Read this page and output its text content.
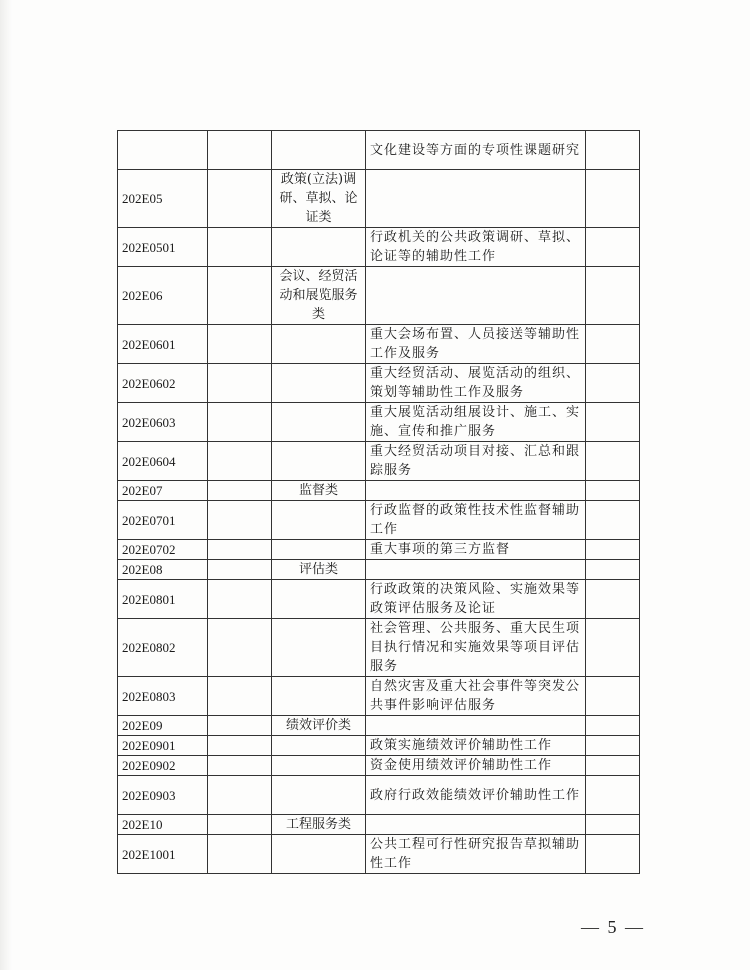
			文化建设等方面的专项性课题研究	
202E05		政策(立法)调研、草拟、论证类		
202E0501			行政机关的公共政策调研、草拟、论证等的辅助性工作	
202E06		会议、经贸活动和展览服务类		
202E0601			重大会场布置、人员接送等辅助性工作及服务	
202E0602			重大经贸活动、展览活动的组织、策划等辅助性工作及服务	
202E0603			重大展览活动组展设计、施工、实施、宣传和推广服务	
202E0604			重大经贸活动项目对接、汇总和跟踪服务	
202E07		监督类		
202E0701			行政监督的政策性技术性监督辅助工作	
202E0702			重大事项的第三方监督	
202E08		评估类		
202E0801			行政政策的决策风险、实施效果等政策评估服务及论证	
202E0802			社会管理、公共服务、重大民生项目执行情况和实施效果等项目评估服务	
202E0803			自然灾害及重大社会事件等突发公共事件影响评估服务	
202E09		绩效评价类		
202E0901			政策实施绩效评价辅助性工作	
202E0902			资金使用绩效评价辅助性工作	
202E0903			政府行政效能绩效评价辅助性工作	
202E10		工程服务类		
202E1001			公共工程可行性研究报告草拟辅助性工作	
— 5 —
